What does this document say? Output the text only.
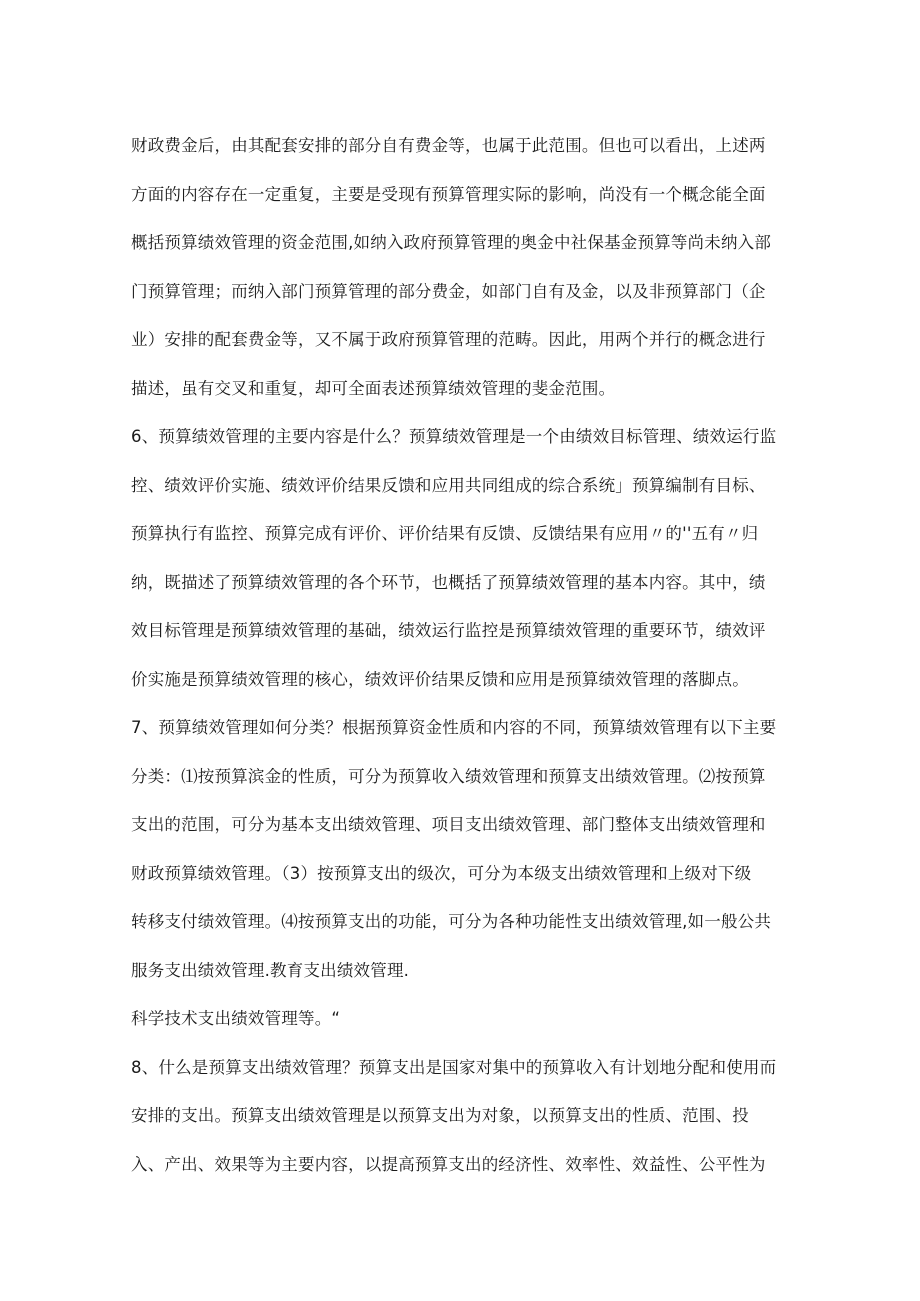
财政费金后，由其配套安排的部分自有费金等，也属于此范围。但也可以看出，上述两
方面的内容存在一定重复，主要是受现有预算管理实际的影响，尚没有一个概念能全面
概括预算绩效管理的资金范围,如纳入政府预算管理的奥金中社保基金预算等尚未纳入部
门预算管理；而纳入部门预算管理的部分费金，如部门自有及金，以及非预算部门（企
业）安排的配套费金等，又不属于政府预算管理的范畴。因此，用两个并行的概念进行
描述，虽有交叉和重复，却可全面表述预算绩效管理的斐金范围。
6、预算绩效管理的主要内容是什么？预算绩效管理是一个由绩效目标管理、绩效运行监
控、绩效评价实施、绩效评价结果反馈和应用共同组成的综合系统」预算编制有目标、
预算执行有监控、预算完成有评价、评价结果有反馈、反馈结果有应用〃的''五有〃归
纳，既描述了预算绩效管理的各个环节，也概括了预算绩效管理的基本内容。其中，绩
效目标管理是预算绩效管理的基础，绩效运行监控是预算绩效管理的重要环节，绩效评
价实施是预算绩效管理的核心，绩效评价结果反馈和应用是预算绩效管理的落脚点。
7、预算绩效管理如何分类？根据预算资金性质和内容的不同，预算绩效管理有以下主要
分类：⑴按预算滨金的性质，可分为预算收入绩效管理和预算支出绩效管理。⑵按预算
支出的范围，可分为基本支出绩效管理、项目支出绩效管理、部门整体支出绩效管理和
财政预算绩效管理。（3）按预算支出的级次，可分为本级支出绩效管理和上级对下级
转移支付绩效管理。⑷按预算支出的功能，可分为各种功能性支出绩效管理,如一般公共
服务支出绩效管理.教育支出绩效管理.
科学技术支出绩效管理等。“
8、什么是预算支出绩效管理？预算支出是国家对集中的预算收入有计划地分配和使用而
安排的支出。预算支出绩效管理是以预算支出为对象，以预算支出的性质、范围、投
入、产出、效果等为主要内容，以提高预算支出的经济性、效率性、效益性、公平性为
